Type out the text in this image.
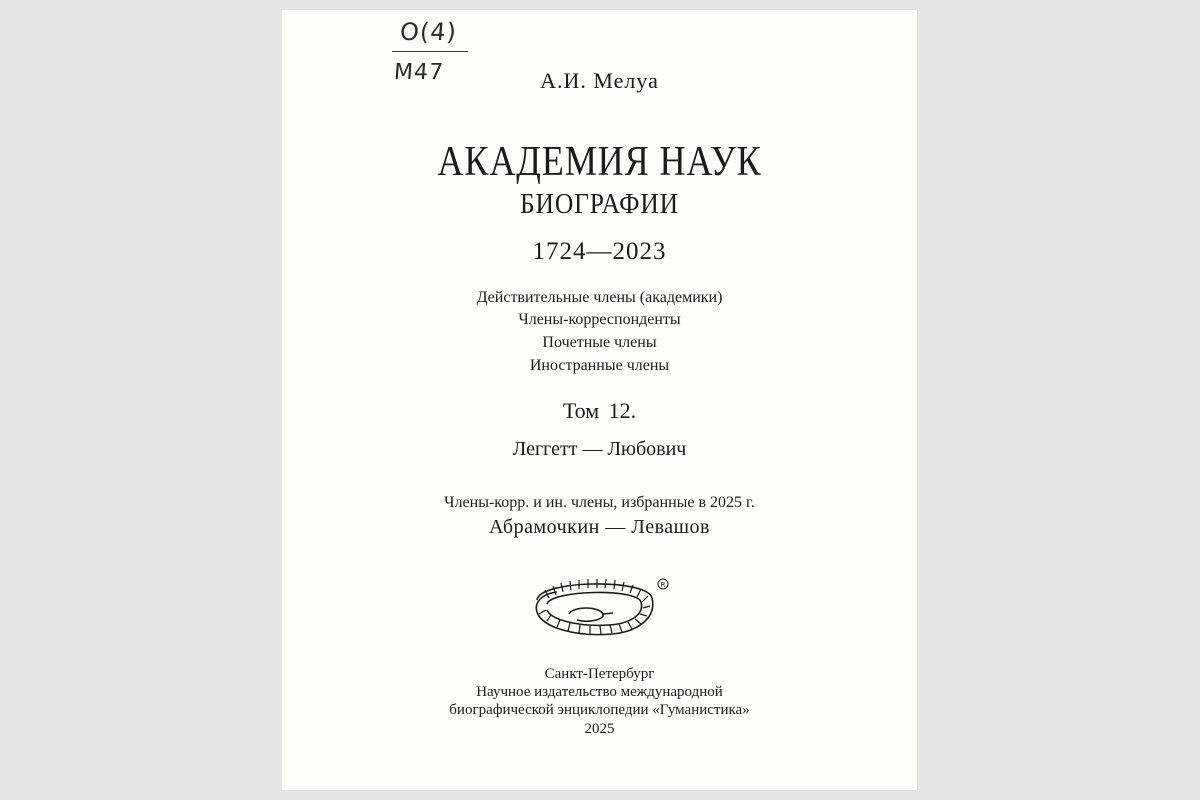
O(4)
M47	А.И. Мелуа
АКАДЕМИЯ НАУК
БИОГРАФИИ
1724—2023
Действительные члены (академики)
Члены-корреспонденты
Почетные члены
Иностранные члены
Том 12.
Леггетт — Любович
Члены-корр. и ин. члены, избранные в 2025 г.
Абрамочкин — Левашов
R
Санкт-Петербург
Научное издательство международной
биографической энциклопедии «Гуманистика»
2025
